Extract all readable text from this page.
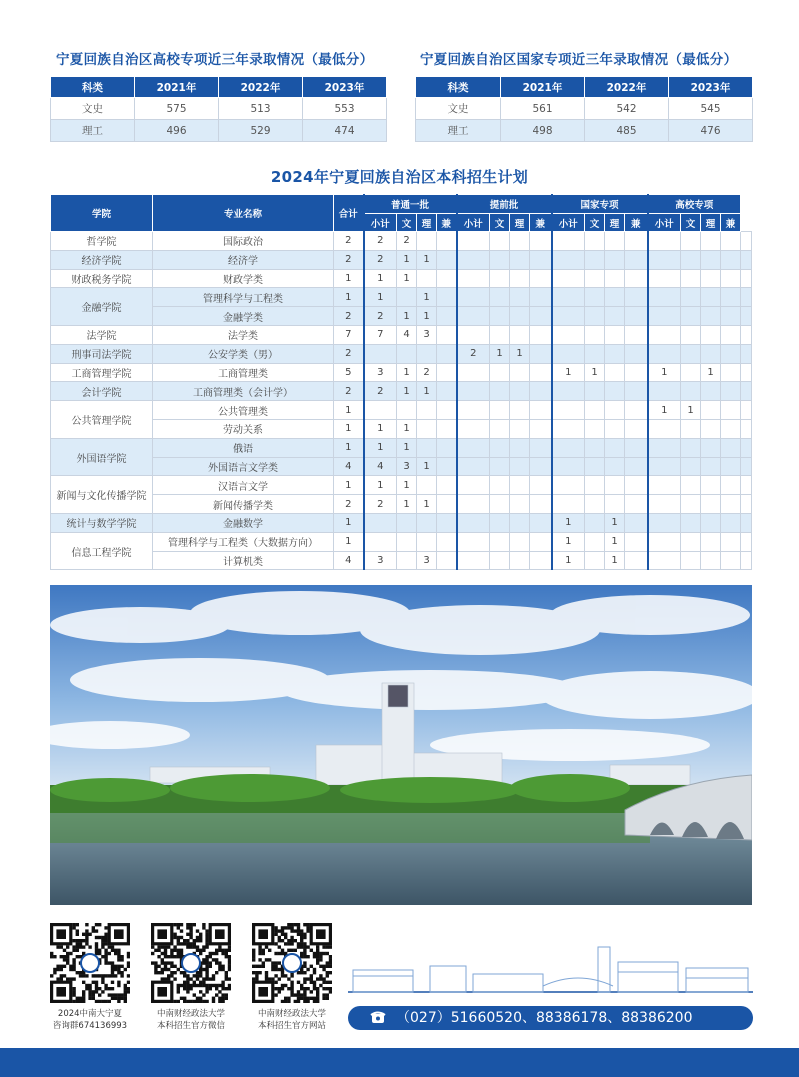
宁夏回族自治区高校专项近三年录取情况（最低分）
科类	2021年	2022年	2023年
文史	575	513	553
理工	496	529	474
宁夏回族自治区国家专项近三年录取情况（最低分）
科类	2021年	2022年	2023年
文史	561	542	545
理工	498	485	476
2024年宁夏回族自治区本科招生计划
学院	专业名称	合计	普通一批				提前批				国家专项				高校专项				
			小计	文	理	兼	小计	文	理	兼	小计	文	理	兼	小计	文	理	兼	
哲学院	国际政治	2	2	2															
经济学院	经济学	2	2	1	1														
财政税务学院	财政学类	1	1	1															
金融学院	管理科学与工程类	1	1		1														
	金融学类	2	2	1	1														
法学院	法学类	7	7	4	3														
刑事司法学院	公安学类（男）	2					2	1	1										
工商管理学院	工商管理类	5	3	1	2						1	1			1		1		
会计学院	工商管理类（会计学）	2	2	1	1														
公共管理学院	公共管理类	1													1	1			
	劳动关系	1	1	1															
外国语学院	俄语	1	1	1															
	外国语言文学类	4	4	3	1														
新闻与文化传播学院	汉语言文学	1	1	1															
	新闻传播学类	2	2	1	1														
统计与数学学院	金融数学	1									1		1						
信息工程学院	管理科学与工程类（大数据方向）	1									1		1						
	计算机类	4	3		3						1		1						
2024中南大宁夏
咨询群674136993
中南财经政法大学
本科招生官方微信
中南财经政法大学
本科招生官方网站	（027）51660520、88386178、88386200
